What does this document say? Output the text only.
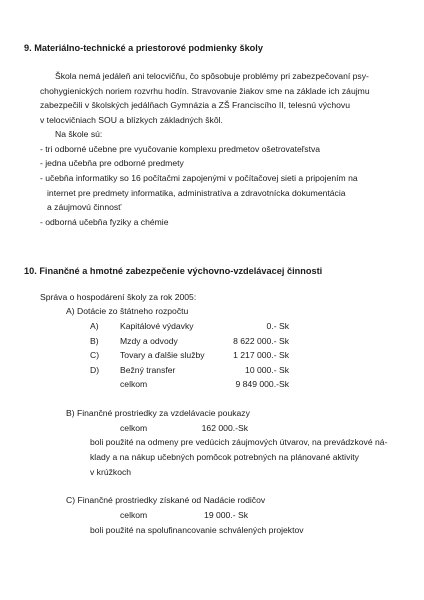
9. Materiálno-technické a priestorové podmienky školy
Škola nemá jedáleň ani telocvičňu, čo spôsobuje problémy pri zabezpečovaní psy-
chohygienických noriem rozvrhu hodín. Stravovanie žiakov sme na základe ich záujmu
zabezpečili v školských jedálňach Gymnázia a ZŠ Franciscího II, telesnú výchovu
v telocvičniach SOU a blízkych základných škôl.
Na škole sú:
- tri odborné učebne pre vyučovanie komplexu predmetov ošetrovateľstva
- jedna učebňa pre odborné predmety
- učebňa informatiky so 16 počítačmi zapojenými v počítačovej sieti a pripojením na
internet pre predmety informatika, administratíva a zdravotnícka dokumentácia
a záujmovú činnosť
- odborná učebňa fyziky a chémie
10. Finančné a hmotné zabezpečenie výchovno-vzdelávacej činnosti
Správa o hospodárení školy za rok 2005:
A) Dotácie zo štátneho rozpočtu
A) Kapitálové výdavky	0.- Sk
B) Mzdy a odvody	8 622 000.- Sk
C) Tovary a ďalšie služby	1 217 000.- Sk
D) Bežný transfer	10 000.- Sk
celkom	9 849 000.-Sk
B) Finančné prostriedky za vzdelávacie poukazy
celkom	162 000.-Sk
boli použité na odmeny pre vedúcich záujmových útvarov, na prevádzkové ná-
klady a na nákup učebných pomôcok potrebných na plánované aktivity
v krúžkoch
C) Finančné prostriedky získané od Nadácie rodičov
celkom	19 000.- Sk
boli použité na spolufinancovanie schválených projektov
